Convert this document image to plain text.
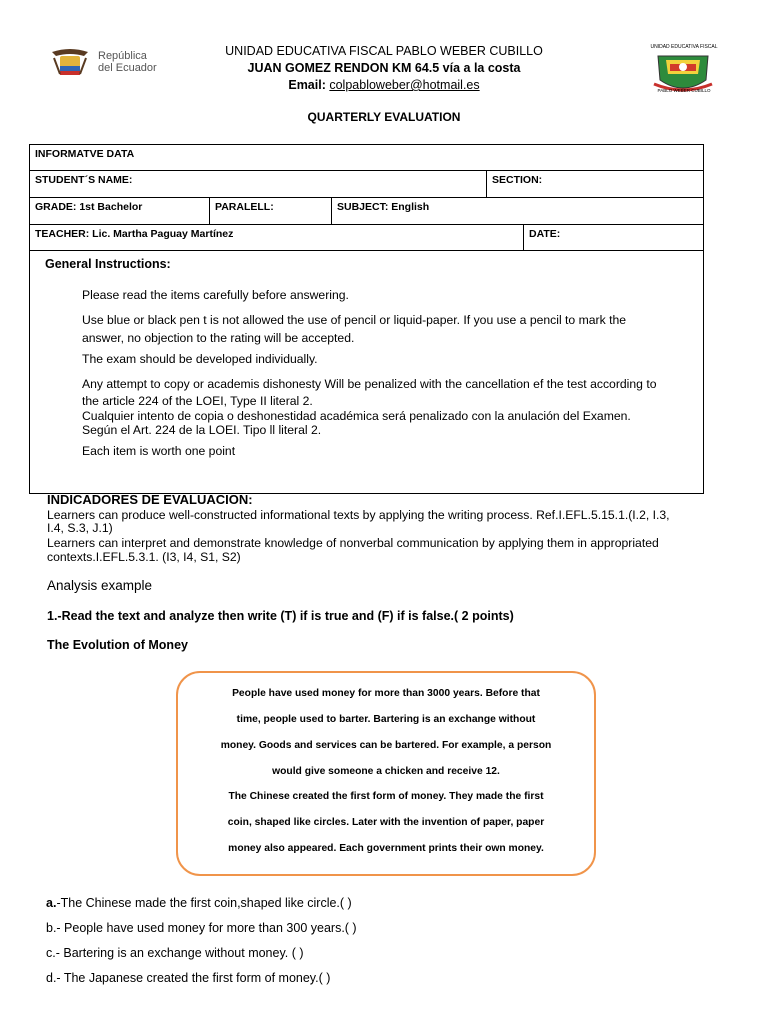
República
del Ecuador
UNIDAD EDUCATIVA FISCAL PABLO WEBER CUBILLO
JUAN GOMEZ RENDON KM 64.5 vía a la costa
Email: colpabloweber@hotmail.es
UNIDAD EDUCATIVA FISCAL
PABLO WEBER CUBILLO
QUARTERLY EVALUATION
INFORMATVE DATA
STUDENT´S NAME:	SECTION:
GRADE: 1st Bachelor	PARALELL:	SUBJECT: English
TEACHER: Lic. Martha Paguay Martínez	DATE:
General Instructions:
Please read the items carefully before answering.
Use blue or black pen t is not allowed the use of pencil or liquid-paper. If you use a pencil to mark the
answer, no objection to the rating will be accepted.
The exam should be developed individually.
Any attempt to copy or academis dishonesty Will be penalized with the cancellation ef the test according to
the article 224 of the LOEI, Type II literal 2.
Cualquier intento de copia o deshonestidad académica será penalizado con la anulación del Examen.
Según el Art. 224 de la LOEI. Tipo ll literal 2.
Each item is worth one point
INDICADORES DE EVALUACION:
Learners can produce well-constructed informational texts by applying the writing process. Ref.I.EFL.5.15.1.(I.2, I.3,
I.4, S.3, J.1)
Learners can interpret and demonstrate knowledge of nonverbal communication by applying them in appropriated
contexts.I.EFL.5.3.1. (I3, I4, S1, S2)
Analysis example
1.-Read the text and analyze then write (T) if is true and (F) if is false.( 2 points)
The Evolution of Money
People have used money for more than 3000 years. Before that
time, people used to barter. Bartering is an exchange without
money. Goods and services can be bartered. For example, a person
would give someone a chicken and receive 12.
The Chinese created the first form of money. They made the first
coin, shaped like circles. Later with the invention of paper, paper
money also appeared. Each government prints their own money.
a.-The Chinese made the first coin,shaped like circle.( )
b.- People have used money for more than 300 years.( )
c.- Bartering is an exchange without money. ( )
d.- The Japanese created the first form of money.( )
